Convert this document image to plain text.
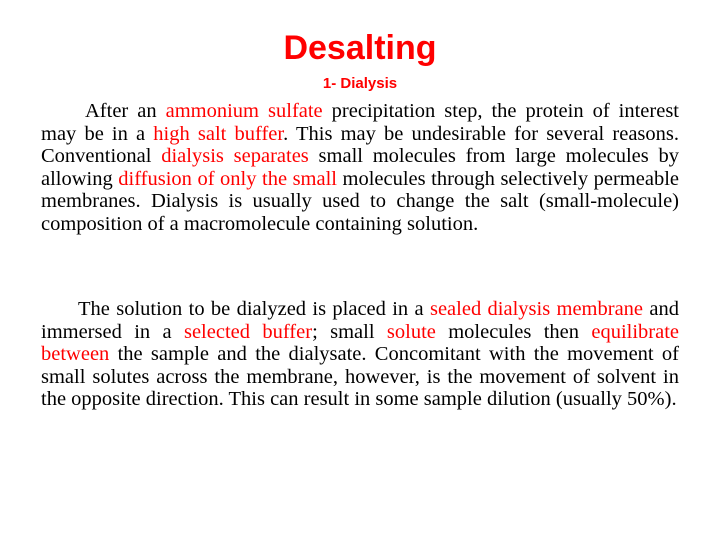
Desalting
1- Dialysis

After an ammonium sulfate precipitation step, the protein of interest may be in a high salt buffer. This may be undesirable for several reasons. Conventional dialysis separates small molecules from large molecules by allowing diffusion of only the small molecules through selectively permeable membranes. Dialysis is usually used to change the salt (small-molecule) composition of a macromolecule containing solution.

The solution to be dialyzed is placed in a sealed dialysis membrane and immersed in a selected buffer; small solute molecules then equilibrate between the sample and the dialysate. Concomitant with the movement of small solutes across the membrane, however, is the movement of solvent in the opposite direction. This can result in some sample dilution (usually 50%).
